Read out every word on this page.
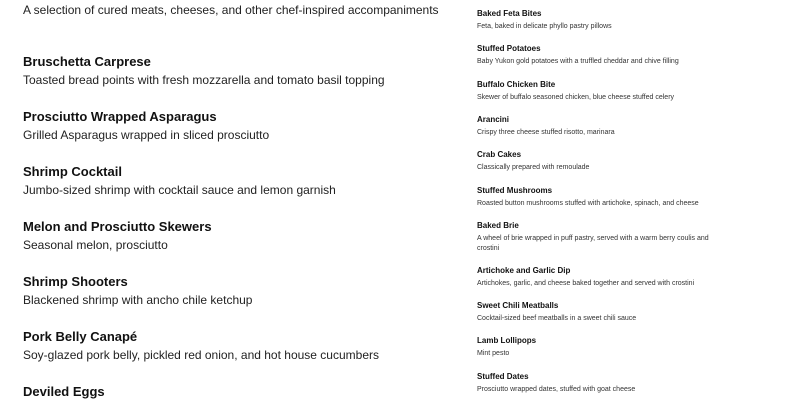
A selection of cured meats, cheeses, and other chef-inspired accompaniments
Bruschetta Carprese
Toasted bread points with fresh mozzarella and tomato basil topping
Prosciutto Wrapped Asparagus
Grilled Asparagus wrapped in sliced prosciutto
Shrimp Cocktail
Jumbo-sized shrimp with cocktail sauce and lemon garnish
Melon and Prosciutto Skewers
Seasonal melon, prosciutto
Shrimp Shooters
Blackened shrimp with ancho chile ketchup
Pork Belly Canapé
Soy-glazed pork belly, pickled red onion, and hot house cucumbers
Deviled Eggs
Baked Feta Bites
Feta, baked in delicate phyllo pastry pillows
Stuffed Potatoes
Baby Yukon gold potatoes with a truffled cheddar and chive filling
Buffalo Chicken Bite
Skewer of buffalo seasoned chicken, blue cheese stuffed celery
Arancini
Crispy three cheese stuffed risotto, marinara
Crab Cakes
Classically prepared with remoulade
Stuffed Mushrooms
Roasted button mushrooms stuffed with artichoke, spinach, and cheese
Baked Brie
A wheel of brie wrapped in puff pastry, served with a warm berry coulis and crostini
Artichoke and Garlic Dip
Artichokes, garlic, and cheese baked together and served with crostini
Sweet Chili Meatballs
Cocktail-sized beef meatballs in a sweet chili sauce
Lamb Lollipops
Mint pesto
Stuffed Dates
Prosciutto wrapped dates, stuffed with goat cheese
